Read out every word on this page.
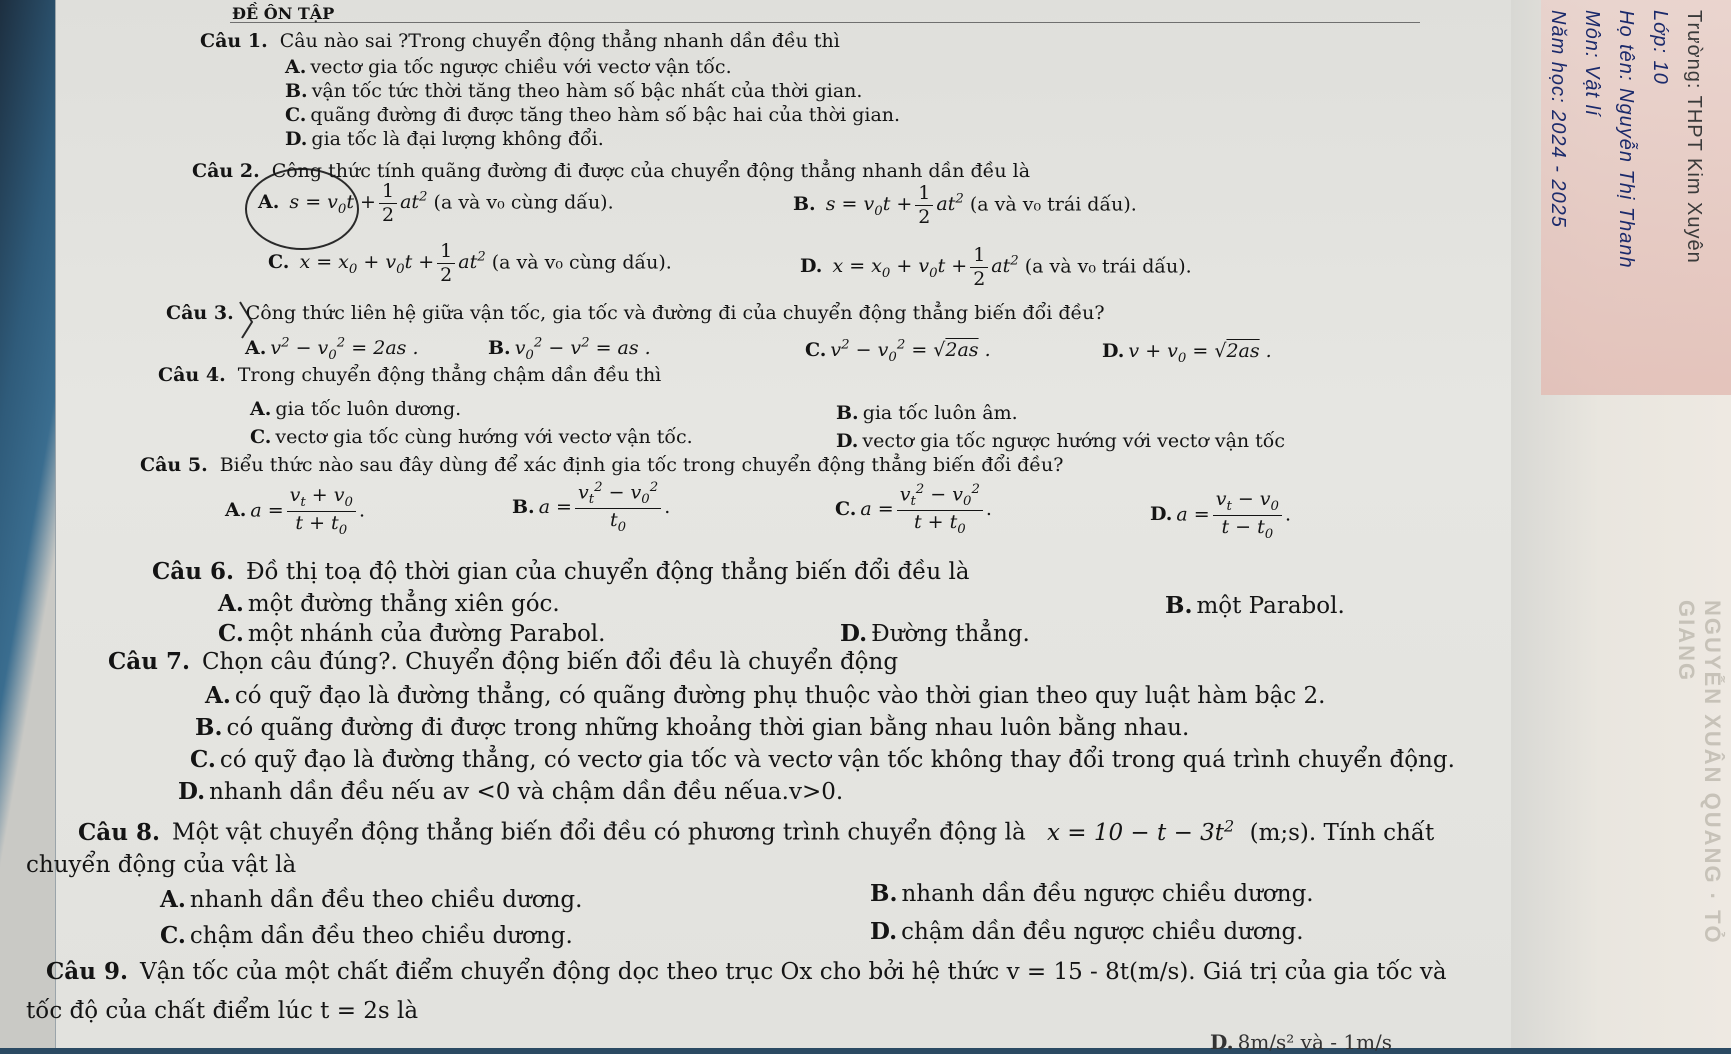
Trường: THPT Kim Xuyên
Lớp: 10
Họ tên: Nguyễn Thị Thanh
Môn: Vật lí
Năm học: 2024 - 2025
NGUYỄN XUÂN QUANG · TỎ GIANG
ĐỀ ÔN TẬP
Câu 1. Câu nào sai ?Trong chuyển động thẳng nhanh dần đều thì
A. vectơ gia tốc ngược chiều với vectơ vận tốc.
B. vận tốc tức thời tăng theo hàm số bậc nhất của thời gian.
C. quãng đường đi được tăng theo hàm số bậc hai của thời gian.
D. gia tốc là đại lượng không đổi.
Câu 2. Công thức tính quãng đường đi được của chuyển động thẳng nhanh dần đều là
A. $s = v_0t + \frac{1}{2} at^2$ (a và v₀ cùng dấu).	B. $s = v_0t + \frac{1}{2} at^2$ (a và v₀ trái dấu).
C. $x = x_0 + v_0t + \frac{1}{2} at^2$ (a và v₀ cùng dấu).	D. $x = x_0 + v_0t + \frac{1}{2} at^2$ (a và v₀ trái dấu).
Câu 3. Công thức liên hệ giữa vận tốc, gia tốc và đường đi của chuyển động thẳng biến đổi đều?
A. $v^2 - v_0^2 = 2as$ .	B. $v_0^2 - v^2$ = as .	C. $v^2 - v_0^2 = √2as$ .	D. $v + v_0 = √2as$ .
Câu 4. Trong chuyển động thẳng chậm dần đều thì
A. gia tốc luôn dương.	B. gia tốc luôn âm.
C. vectơ gia tốc cùng hướng với vectơ vận tốc.	D. vectơ gia tốc ngược hướng với vectơ vận tốc
Câu 5. Biểu thức nào sau đây dùng để xác định gia tốc trong chuyển động thẳng biến đổi đều?
A. $a = \frac{v_t + v_0}{t + t_0}$ .	B. $a = \frac{v_t^2 - v_0^2}{t_0}$ .	C. $a = \frac{v_t^2 - v_0^2}{t + t_0}$ .	D. $a = \frac{v_t - v_0}{t - t_0}$ .
Câu 6. Đồ thị toạ độ thời gian của chuyển động thẳng biến đổi đều là
A. một đường thẳng xiên góc.	B. một Parabol.
C. một nhánh của đường Parabol.	D. Đường thẳng.
Câu 7. Chọn câu đúng?. Chuyển động biến đổi đều là chuyển động
A. có quỹ đạo là đường thẳng, có quãng đường phụ thuộc vào thời gian theo quy luật hàm bậc 2.
B. có quãng đường đi được trong những khoảng thời gian bằng nhau luôn bằng nhau.
C. có quỹ đạo là đường thẳng, có vectơ gia tốc và vectơ vận tốc không thay đổi trong quá trình chuyển động.
D. nhanh dần đều nếu av <0 và chậm dần đều nếua.v>0.
Câu 8. Một vật chuyển động thẳng biến đổi đều có phương trình chuyển động là $x = 10 - t - 3t^2$ (m;s). Tính chất
chuyển động của vật là
A. nhanh dần đều theo chiều dương.	B. nhanh dần đều ngược chiều dương.
C. chậm dần đều theo chiều dương.	D. chậm dần đều ngược chiều dương.
Câu 9. Vận tốc của một chất điểm chuyển động dọc theo trục Ox cho bởi hệ thức v = 15 - 8t(m/s). Giá trị của gia tốc và
tốc độ của chất điểm lúc t = 2s là
D. 8m/s² và - 1m/s
